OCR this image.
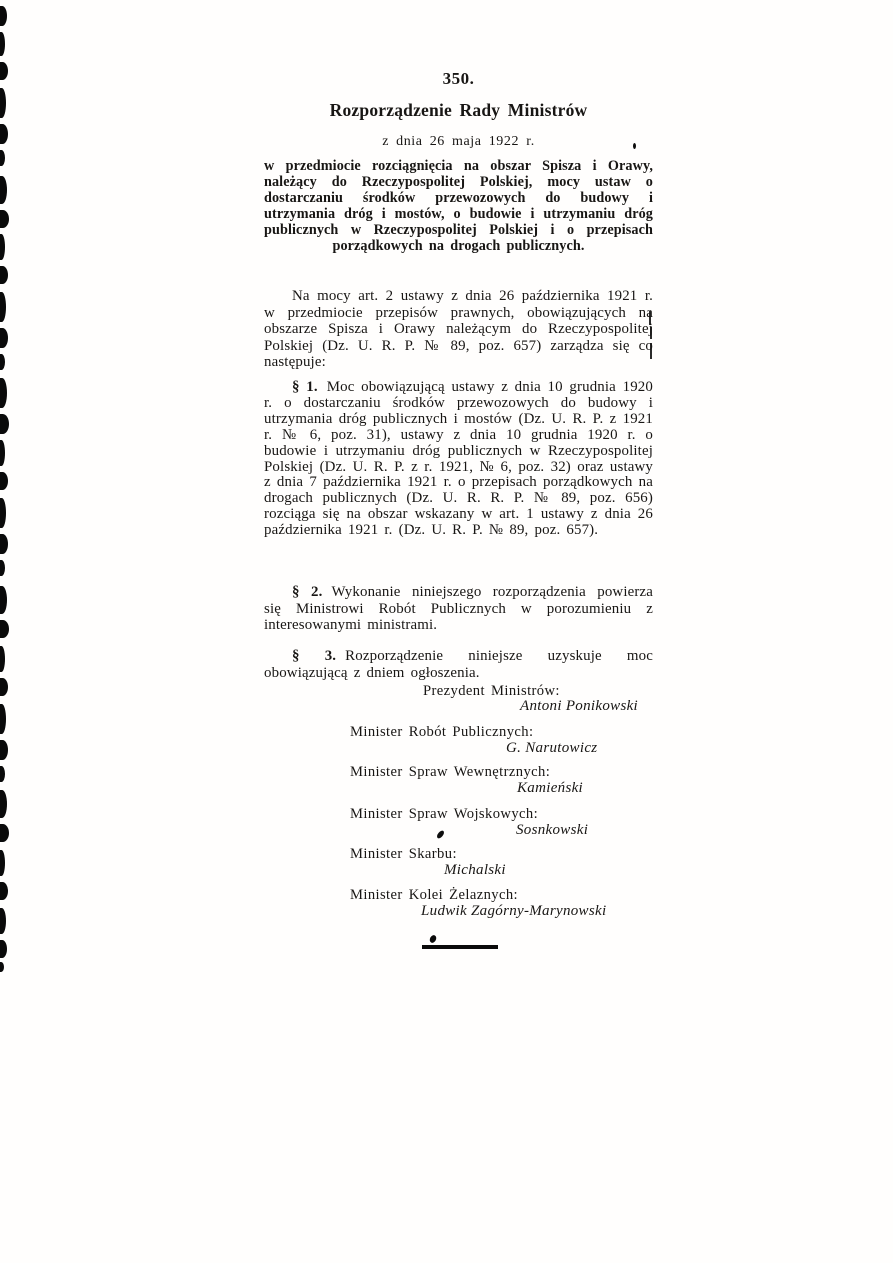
350.
Rozporządzenie Rady Ministrów
z dnia 26 maja 1922 r.

w przedmiocie rozciągnięcia na obszar Spisza i Orawy, należący do Rzeczypospolitej Polskiej, mocy ustaw o dostarczaniu środków przewozowych do budowy i utrzymania dróg i mostów, o budowie i utrzymaniu dróg publicznych w Rzeczypospolitej Polskiej i o przepisach porządkowych na drogach publicznych.

Na mocy art. 2 ustawy z dnia 26 października 1921 r. w przedmiocie przepisów prawnych, obowiązujących na obszarze Spisza i Orawy należącym do Rzeczypospolitej Polskiej (Dz. U. R. P. № 89, poz. 657) zarządza się co następuje:

§ 1. Moc obowiązującą ustawy z dnia 10 grudnia 1920 r. o dostarczaniu środków przewozowych do budowy i utrzymania dróg publicznych i mostów (Dz. U. R. P. z 1921 r. № 6, poz. 31), ustawy z dnia 10 grudnia 1920 r. o budowie i utrzymaniu dróg publicznych w Rzeczypospolitej Polskiej (Dz. U. R. P. z r. 1921, № 6, poz. 32) oraz ustawy z dnia 7 października 1921 r. o przepisach porządkowych na drogach publicznych (Dz. U. R. R. P. № 89, poz. 656) rozciąga się na obszar wskazany w art. 1 ustawy z dnia 26 października 1921 r. (Dz. U. R. P. № 89, poz. 657).

§ 2. Wykonanie niniejszego rozporządzenia powierza się Ministrowi Robót Publicznych w porozumieniu z interesowanymi ministrami.

§ 3. Rozporządzenie niniejsze uzyskuje moc obowiązującą z dniem ogłoszenia.

Prezydent Ministrów:
Antoni Ponikowski
Minister Robót Publicznych:
G. Narutowicz
Minister Spraw Wewnętrznych:
Kamieński
Minister Spraw Wojskowych:
Sosnkowski
Minister Skarbu:
Michalski
Minister Kolei Żelaznych:
Ludwik Zagórny-Marynowski
